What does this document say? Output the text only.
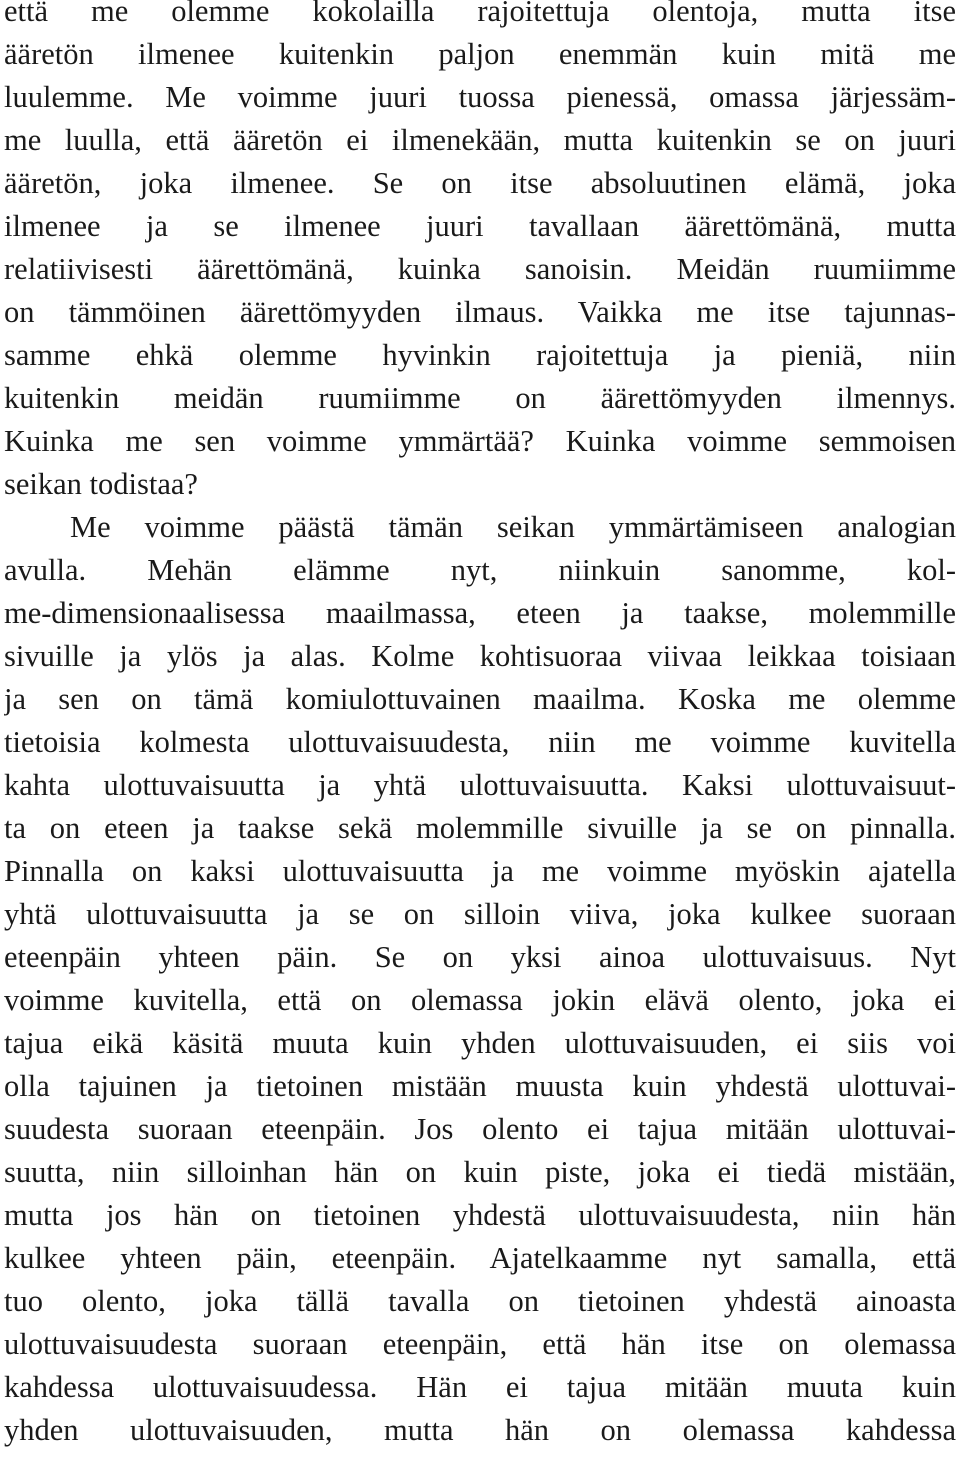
että me olemme kokolailla rajoitettuja olentoja, mutta itse
ääretön ilmenee kuitenkin paljon enemmän kuin mitä me
luulemme. Me voimme juuri tuossa pienessä, omassa järjessäm-
me luulla, että ääretön ei ilmenekään, mutta kuitenkin se on juuri
ääretön, joka ilmenee. Se on itse absoluutinen elämä, joka
ilmenee ja se ilmenee juuri tavallaan äärettömänä, mutta
relatiivisesti äärettömänä, kuinka sanoisin. Meidän ruumiimme
on tämmöinen äärettömyyden ilmaus. Vaikka me itse tajunnas-
samme ehkä olemme hyvinkin rajoitettuja ja pieniä, niin
kuitenkin meidän ruumiimme on äärettömyyden ilmennys.
Kuinka me sen voimme ymmärtää? Kuinka voimme semmoisen
seikan todistaa?
Me voimme päästä tämän seikan ymmärtämiseen analogian
avulla. Mehän elämme nyt, niinkuin sanomme, kol-
me-dimensionaalisessa maailmassa, eteen ja taakse, molemmille
sivuille ja ylös ja alas. Kolme kohtisuoraa viivaa leikkaa toisiaan
ja sen on tämä komiulottuvainen maailma. Koska me olemme
tietoisia kolmesta ulottuvaisuudesta, niin me voimme kuvitella
kahta ulottuvaisuutta ja yhtä ulottuvaisuutta. Kaksi ulottuvaisuut-
ta on eteen ja taakse sekä molemmille sivuille ja se on pinnalla.
Pinnalla on kaksi ulottuvaisuutta ja me voimme myöskin ajatella
yhtä ulottuvaisuutta ja se on silloin viiva, joka kulkee suoraan
eteenpäin yhteen päin. Se on yksi ainoa ulottuvaisuus. Nyt
voimme kuvitella, että on olemassa jokin elävä olento, joka ei
tajua eikä käsitä muuta kuin yhden ulottuvaisuuden, ei siis voi
olla tajuinen ja tietoinen mistään muusta kuin yhdestä ulottuvai-
suudesta suoraan eteenpäin. Jos olento ei tajua mitään ulottuvai-
suutta, niin silloinhan hän on kuin piste, joka ei tiedä mistään,
mutta jos hän on tietoinen yhdestä ulottuvaisuudesta, niin hän
kulkee yhteen päin, eteenpäin. Ajatelkaamme nyt samalla, että
tuo olento, joka tällä tavalla on tietoinen yhdestä ainoasta
ulottuvaisuudesta suoraan eteenpäin, että hän itse on olemassa
kahdessa ulottuvaisuudessa. Hän ei tajua mitään muuta kuin
yhden ulottuvaisuuden, mutta hän on olemassa kahdessa
